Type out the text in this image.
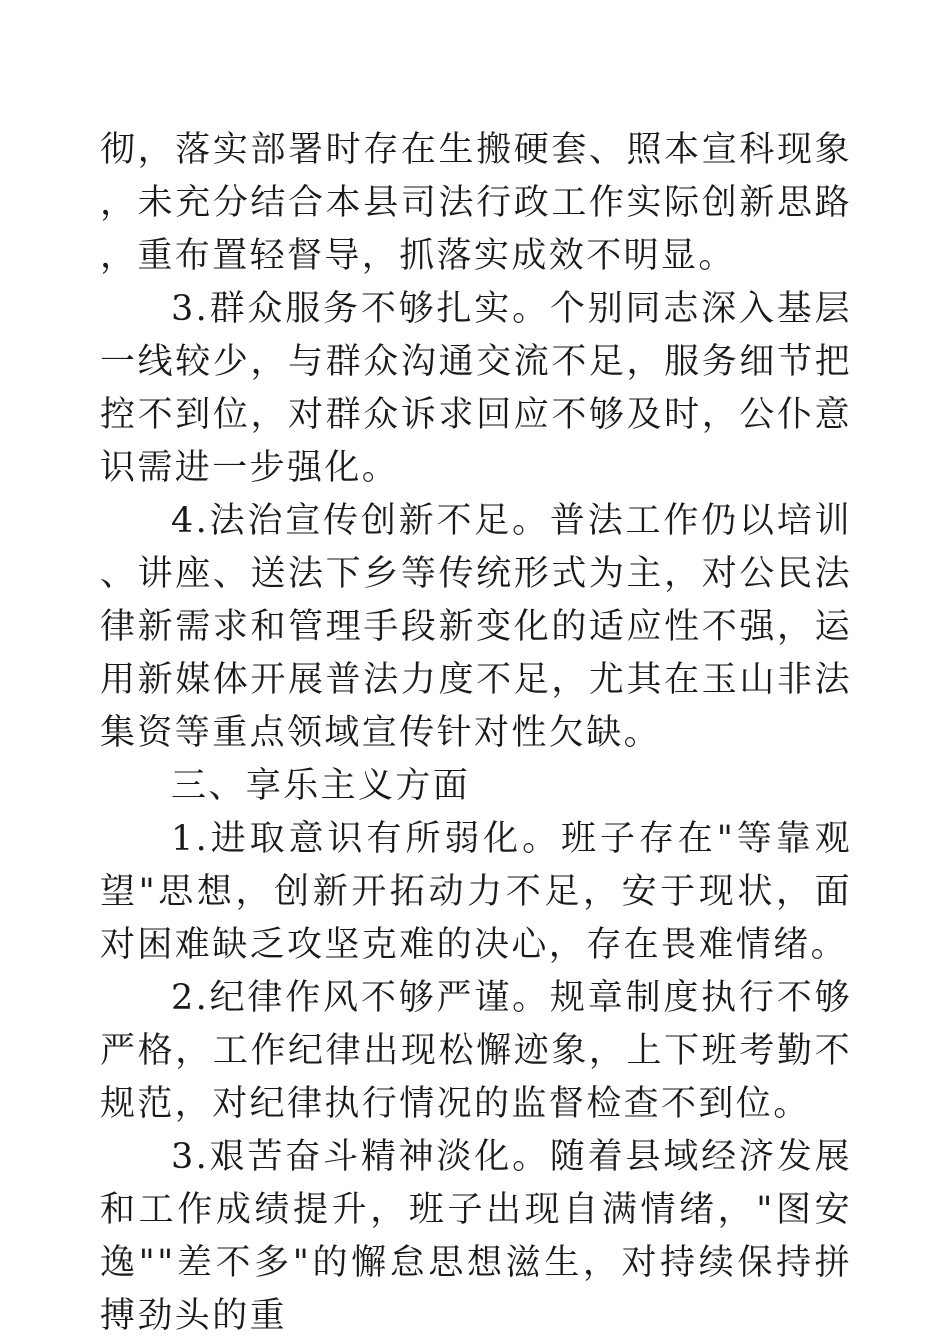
彻，落实部署时存在生搬硬套、照本宣科现象，未充分结合本县司法行政工作实际创新思路，重布置轻督导，抓落实成效不明显。

3.群众服务不够扎实。个别同志深入基层一线较少，与群众沟通交流不足，服务细节把控不到位，对群众诉求回应不够及时，公仆意识需进一步强化。

4.法治宣传创新不足。普法工作仍以培训、讲座、送法下乡等传统形式为主，对公民法律新需求和管理手段新变化的适应性不强，运用新媒体开展普法力度不足，尤其在玉山非法集资等重点领域宣传针对性欠缺。

三、享乐主义方面

1.进取意识有所弱化。班子存在"等靠观望"思想，创新开拓动力不足，安于现状，面对困难缺乏攻坚克难的决心，存在畏难情绪。

2.纪律作风不够严谨。规章制度执行不够严格，工作纪律出现松懈迹象，上下班考勤不规范，对纪律执行情况的监督检查不到位。

3.艰苦奋斗精神淡化。随着县域经济发展和工作成绩提升，班子出现自满情绪，"图安逸""差不多"的懈怠思想滋生，对持续保持拼搏劲头的重
